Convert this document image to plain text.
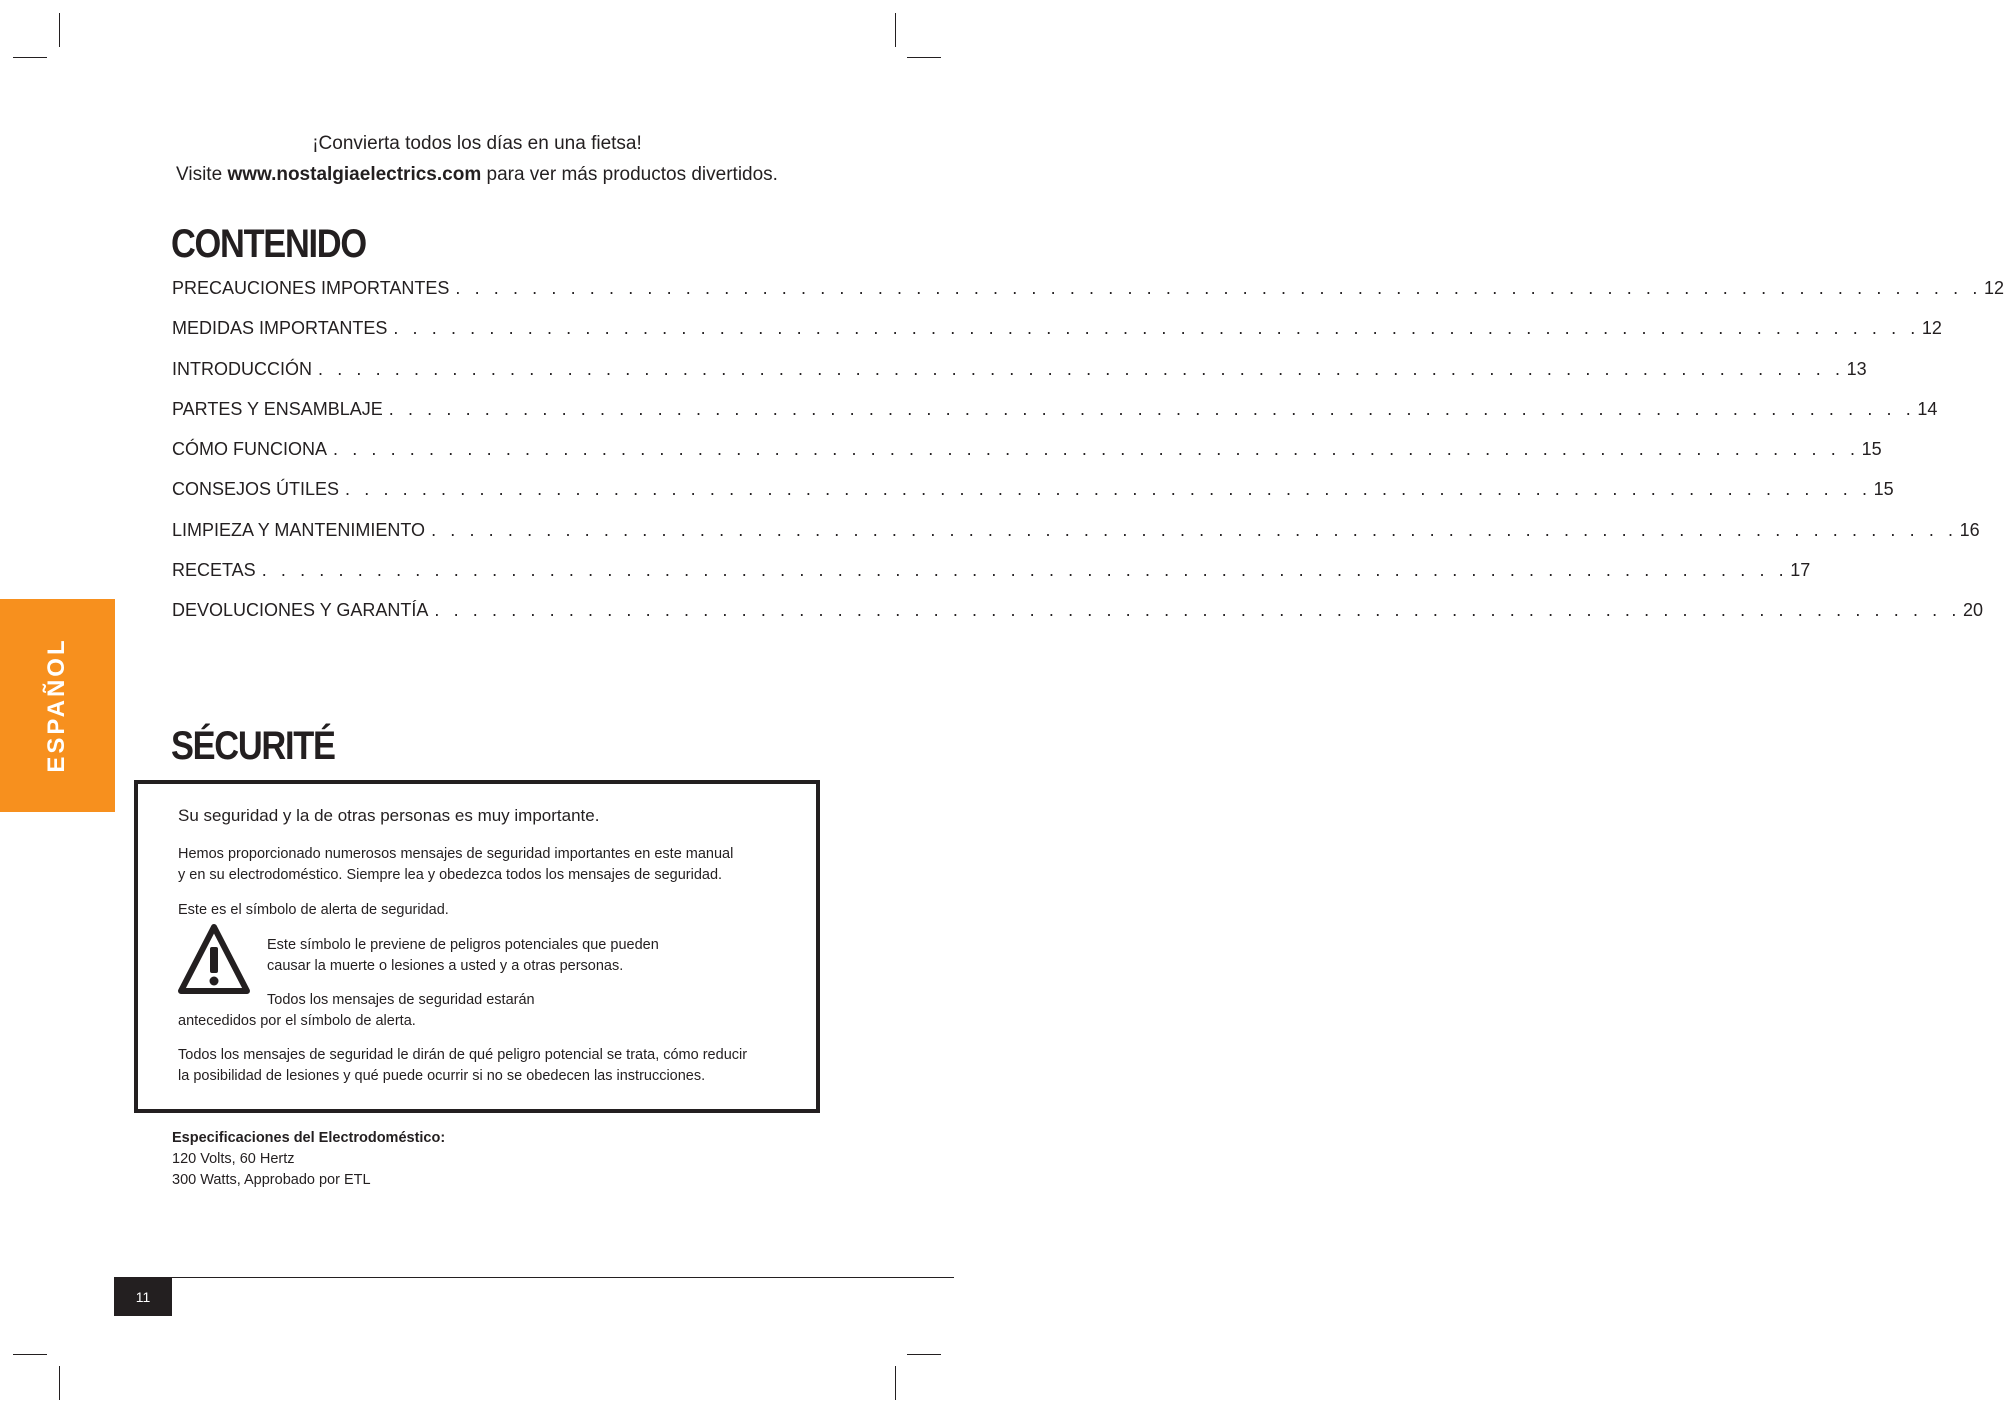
¡Convierta todos los días en una fietsa!
Visite www.nostalgiaelectrics.com para ver más productos divertidos.
CONTENIDO
PRECAUCIONES IMPORTANTES . . . . . . . . . . . . . . . . . . . . . . . . . . . . . . . . . . . . . . . . . . . . . . . . . . . . . . . . . . . . . . . . . . . . . . . . . . . . . . . . 12
MEDIDAS IMPORTANTES . . . . . . . . . . . . . . . . . . . . . . . . . . . . . . . . . . . . . . . . . . . . . . . . . . . . . . . . . . . . . . . . . . . . . . . . . . . . . . . . 12
INTRODUCCIÓN . . . . . . . . . . . . . . . . . . . . . . . . . . . . . . . . . . . . . . . . . . . . . . . . . . . . . . . . . . . . . . . . . . . . . . . . . . . . . . . . 13
PARTES Y ENSAMBLAJE . . . . . . . . . . . . . . . . . . . . . . . . . . . . . . . . . . . . . . . . . . . . . . . . . . . . . . . . . . . . . . . . . . . . . . . . . . . . . . . . 14
CÓMO FUNCIONA . . . . . . . . . . . . . . . . . . . . . . . . . . . . . . . . . . . . . . . . . . . . . . . . . . . . . . . . . . . . . . . . . . . . . . . . . . . . . . . . 15
CONSEJOS ÚTILES . . . . . . . . . . . . . . . . . . . . . . . . . . . . . . . . . . . . . . . . . . . . . . . . . . . . . . . . . . . . . . . . . . . . . . . . . . . . . . . . 15
LIMPIEZA Y MANTENIMIENTO . . . . . . . . . . . . . . . . . . . . . . . . . . . . . . . . . . . . . . . . . . . . . . . . . . . . . . . . . . . . . . . . . . . . . . . . . . . . . . . . 16
RECETAS . . . . . . . . . . . . . . . . . . . . . . . . . . . . . . . . . . . . . . . . . . . . . . . . . . . . . . . . . . . . . . . . . . . . . . . . . . . . . . . . 17
DEVOLUCIONES Y GARANTÍA . . . . . . . . . . . . . . . . . . . . . . . . . . . . . . . . . . . . . . . . . . . . . . . . . . . . . . . . . . . . . . . . . . . . . . . . . . . . . . . . 20
ESPAÑOL	SÉCURITÉ

Su seguridad y la de otras personas es muy importante.

Hemos proporcionado numerosos mensajes de seguridad importantes en este manual
y en su electrodoméstico. Siempre lea y obedezca todos los mensajes de seguridad.

Este es el símbolo de alerta de seguridad.

Este símbolo le previene de peligros potenciales que pueden
causar la muerte o lesiones a usted y a otras personas.

Todos los mensajes de seguridad estarán
antecedidos por el símbolo de alerta.

Todos los mensajes de seguridad le dirán de qué peligro potencial se trata, cómo reducir
la posibilidad de lesiones y qué puede ocurrir si no se obedecen las instrucciones.

Especificaciones del Electrodoméstico:
120 Volts, 60 Hertz
300 Watts, Approbado por ETL
11
